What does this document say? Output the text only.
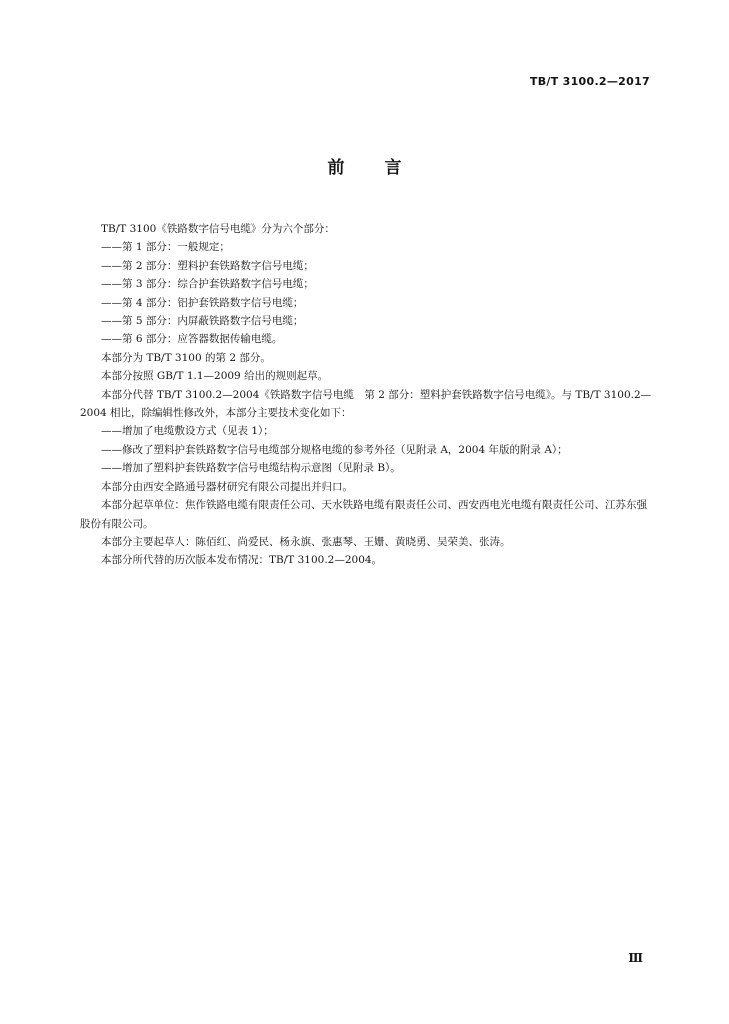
TB/T 3100.2—2017
前言

TB/T 3100《铁路数字信号电缆》分为六个部分：

——第 1 部分：一般规定；

——第 2 部分：塑料护套铁路数字信号电缆；

——第 3 部分：综合护套铁路数字信号电缆；

——第 4 部分：铝护套铁路数字信号电缆；

——第 5 部分：内屏蔽铁路数字信号电缆；

——第 6 部分：应答器数据传输电缆。

本部分为 TB/T 3100 的第 2 部分。

本部分按照 GB/T 1.1—2009 给出的规则起草。

本部分代替 TB/T 3100.2—2004《铁路数字信号电缆　第 2 部分：塑料护套铁路数字信号电缆》。与 TB/T 3100.2—2004 相比，除编辑性修改外，本部分主要技术变化如下：

——增加了电缆敷设方式（见表 1）；

——修改了塑料护套铁路数字信号电缆部分规格电缆的参考外径（见附录 A，2004 年版的附录 A）；

——增加了塑料护套铁路数字信号电缆结构示意图（见附录 B）。

本部分由西安全路通号器材研究有限公司提出并归口。

本部分起草单位：焦作铁路电缆有限责任公司、天水铁路电缆有限责任公司、西安西电光电缆有限责任公司、江苏东强股份有限公司。

本部分主要起草人：陈佰红、尚爱民、杨永旗、张惠琴、王姗、黄晓勇、吴荣美、张涛。

本部分所代替的历次版本发布情况：TB/T 3100.2—2004。

Ⅲ
